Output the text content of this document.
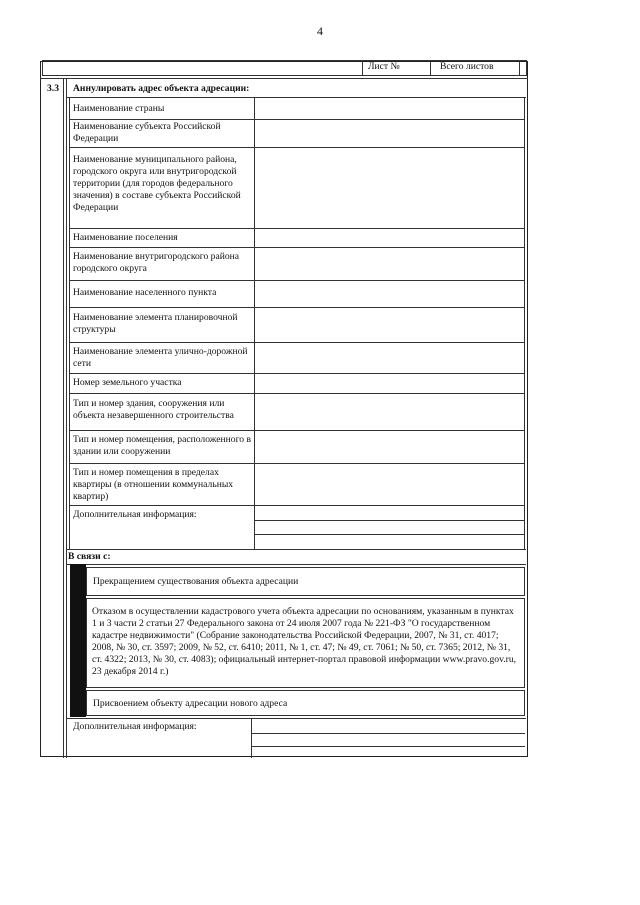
4
Лист №	Всего листов
3.3 Аннулировать адрес объекта адресации:
Наименование страны
Наименование субъекта Российской Федерации
Наименование муниципального района, городского округа или внутригородской территории (для городов федерального значения) в составе субъекта Российской Федерации
Наименование поселения
Наименование внутригородского района городского округа
Наименование населенного пункта
Наименование элемента планировочной структуры
Наименование элемента улично-дорожной сети
Номер земельного участка
Тип и номер здания, сооружения или объекта незавершенного строительства
Тип и номер помещения, расположенного в здании или сооружении
Тип и номер помещения в пределах квартиры (в отношении коммунальных квартир)
Дополнительная информация:
В связи с:
Прекращением существования объекта адресации
Отказом в осуществлении кадастрового учета объекта адресации по основаниям, указанным в пунктах 1 и 3 части 2 статьи 27 Федерального закона от 24 июля 2007 года № 221-ФЗ "О государственном кадастре недвижимости" (Собрание законодательства Российской Федерации, 2007, № 31, ст. 4017; 2008, № 30, ст. 3597; 2009, № 52, ст. 6410; 2011, № 1, ст. 47; № 49, ст. 7061; № 50, ст. 7365; 2012, № 31, ст. 4322; 2013, № 30, ст. 4083); официальный интернет-портал правовой информации www.pravo.gov.ru, 23 декабря 2014 г.)
Присвоением объекту адресации нового адреса
Дополнительная информация:
